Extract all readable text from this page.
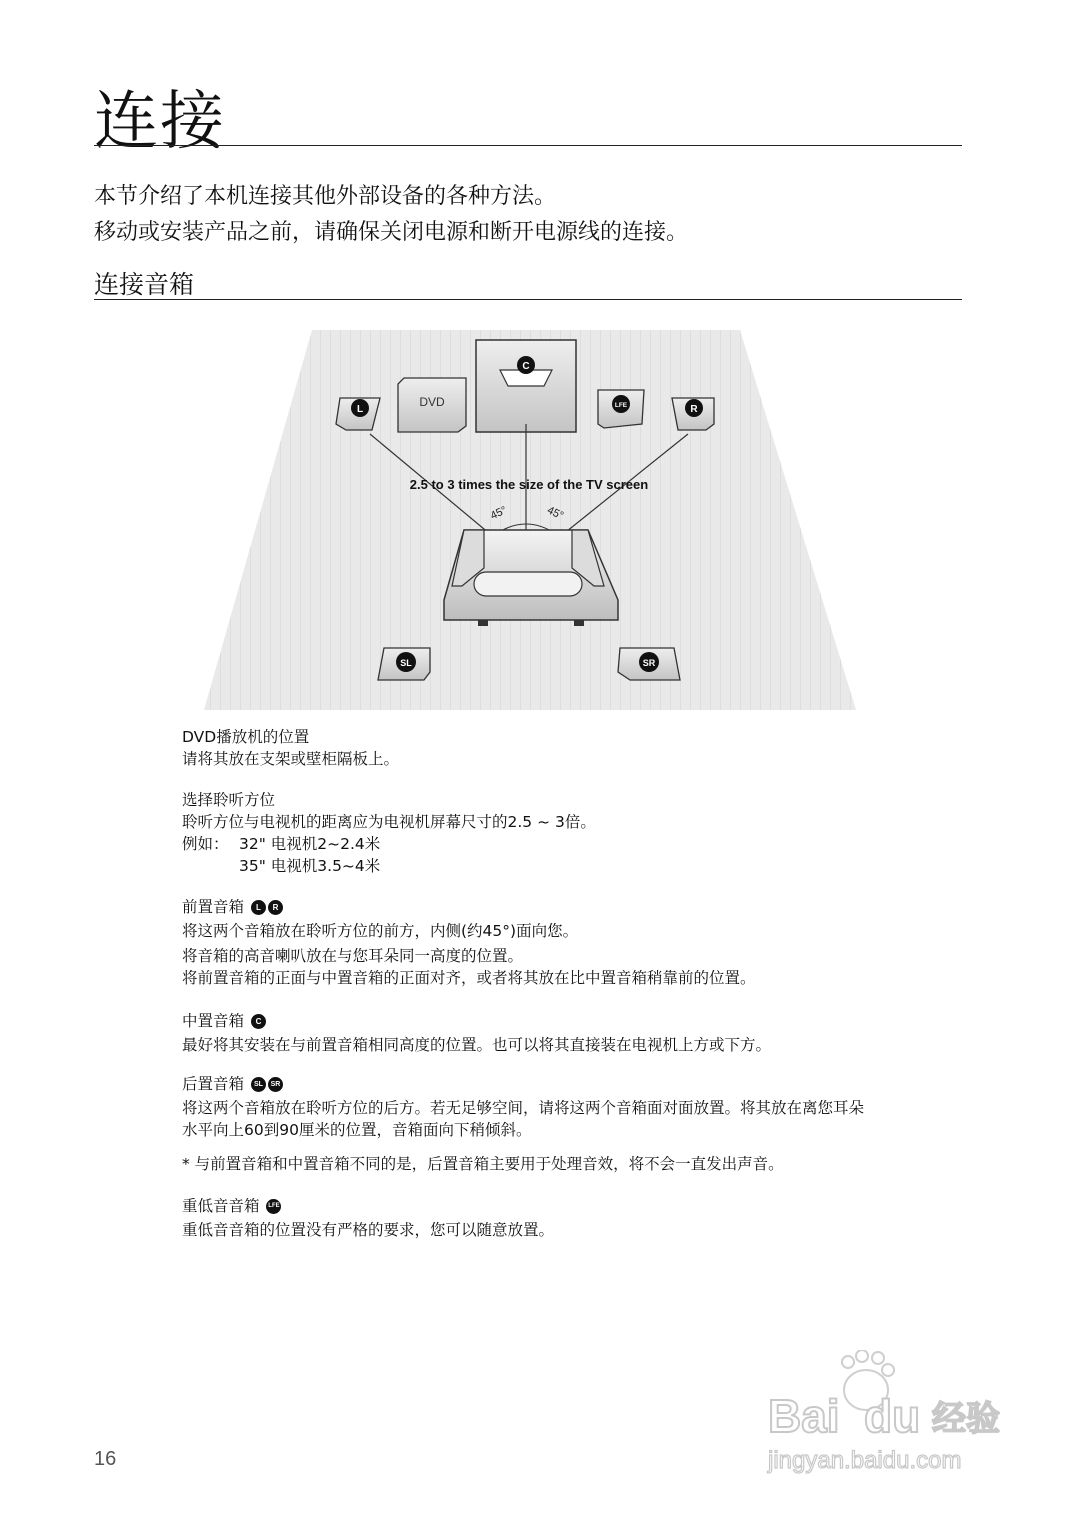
连接
本节介绍了本机连接其他外部设备的各种方法。
移动或安装产品之前，请确保关闭电源和断开电源线的连接。
连接音箱
C
DVD
L	LFE	R
2.5 to 3 times the size of the TV screen
45°	45°
SL	SR
DVD播放机的位置
请将其放在支架或壁柜隔板上。
选择聆听方位
聆听方位与电视机的距离应为电视机屏幕尺寸的2.5 ~ 3倍。
例如： 32" 电视机2~2.4米
35" 电视机3.5~4米
前置音箱 L R
将这两个音箱放在聆听方位的前方，内侧(约45°)面向您。
将音箱的高音喇叭放在与您耳朵同一高度的位置。
将前置音箱的正面与中置音箱的正面对齐，或者将其放在比中置音箱稍靠前的位置。
中置音箱 C
最好将其安装在与前置音箱相同高度的位置。也可以将其直接装在电视机上方或下方。
后置音箱 SL SR
将这两个音箱放在聆听方位的后方。若无足够空间，请将这两个音箱面对面放置。将其放在离您耳朵
水平向上60到90厘米的位置，音箱面向下稍倾斜。
* 与前置音箱和中置音箱不同的是，后置音箱主要用于处理音效，将不会一直发出声音。
重低音音箱 LFE
重低音音箱的位置没有严格的要求，您可以随意放置。
16
Bai du 经验
jingyan.baidu.com
